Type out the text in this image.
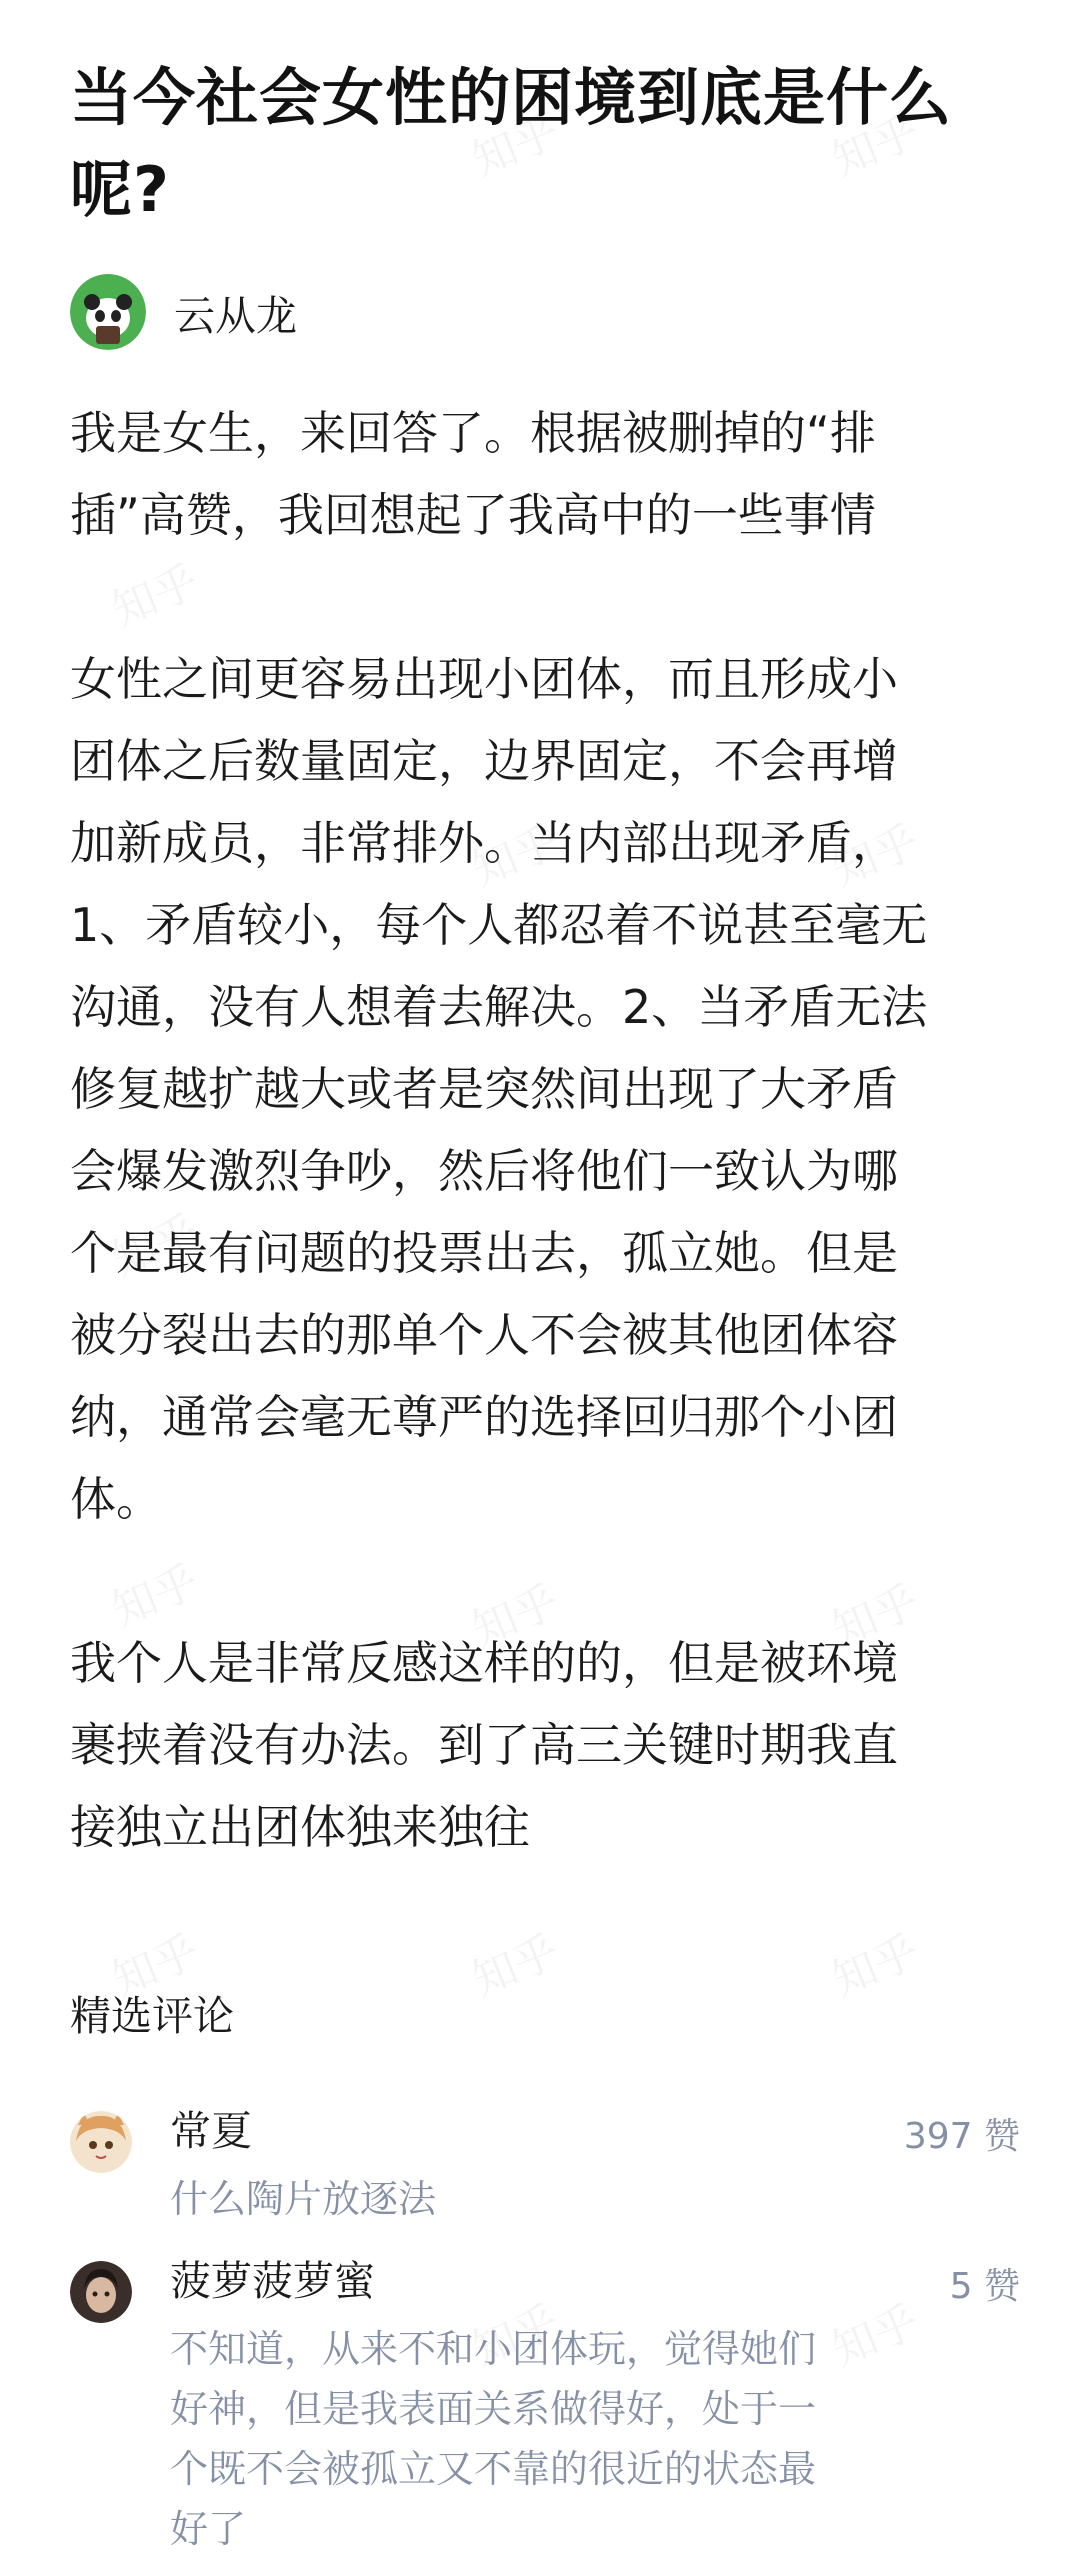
当今社会女性的困境到底是什么呢?
云从龙

我是女生，来回答了。根据被删掉的“排
插”高赞，我回想起了我高中的一些事情

女性之间更容易出现小团体，而且形成小
团体之后数量固定，边界固定，不会再增
加新成员，非常排外。当内部出现矛盾，
1、矛盾较小，每个人都忍着不说甚至毫无
沟通，没有人想着去解决。2、当矛盾无法
修复越扩越大或者是突然间出现了大矛盾
会爆发激烈争吵，然后将他们一致认为哪
个是最有问题的投票出去，孤立她。但是
被分裂出去的那单个人不会被其他团体容
纳，通常会毫无尊严的选择回归那个小团
体。

我个人是非常反感这样的的，但是被环境
裹挟着没有办法。到了高三关键时期我直
接独立出团体独来独往

精选评论
常夏	397 赞
什么陶片放逐法
菠萝菠萝蜜	5 赞
不知道，从来不和小团体玩，觉得她们
好神，但是我表面关系做得好，处于一
个既不会被孤立又不靠的很近的状态最
好了
